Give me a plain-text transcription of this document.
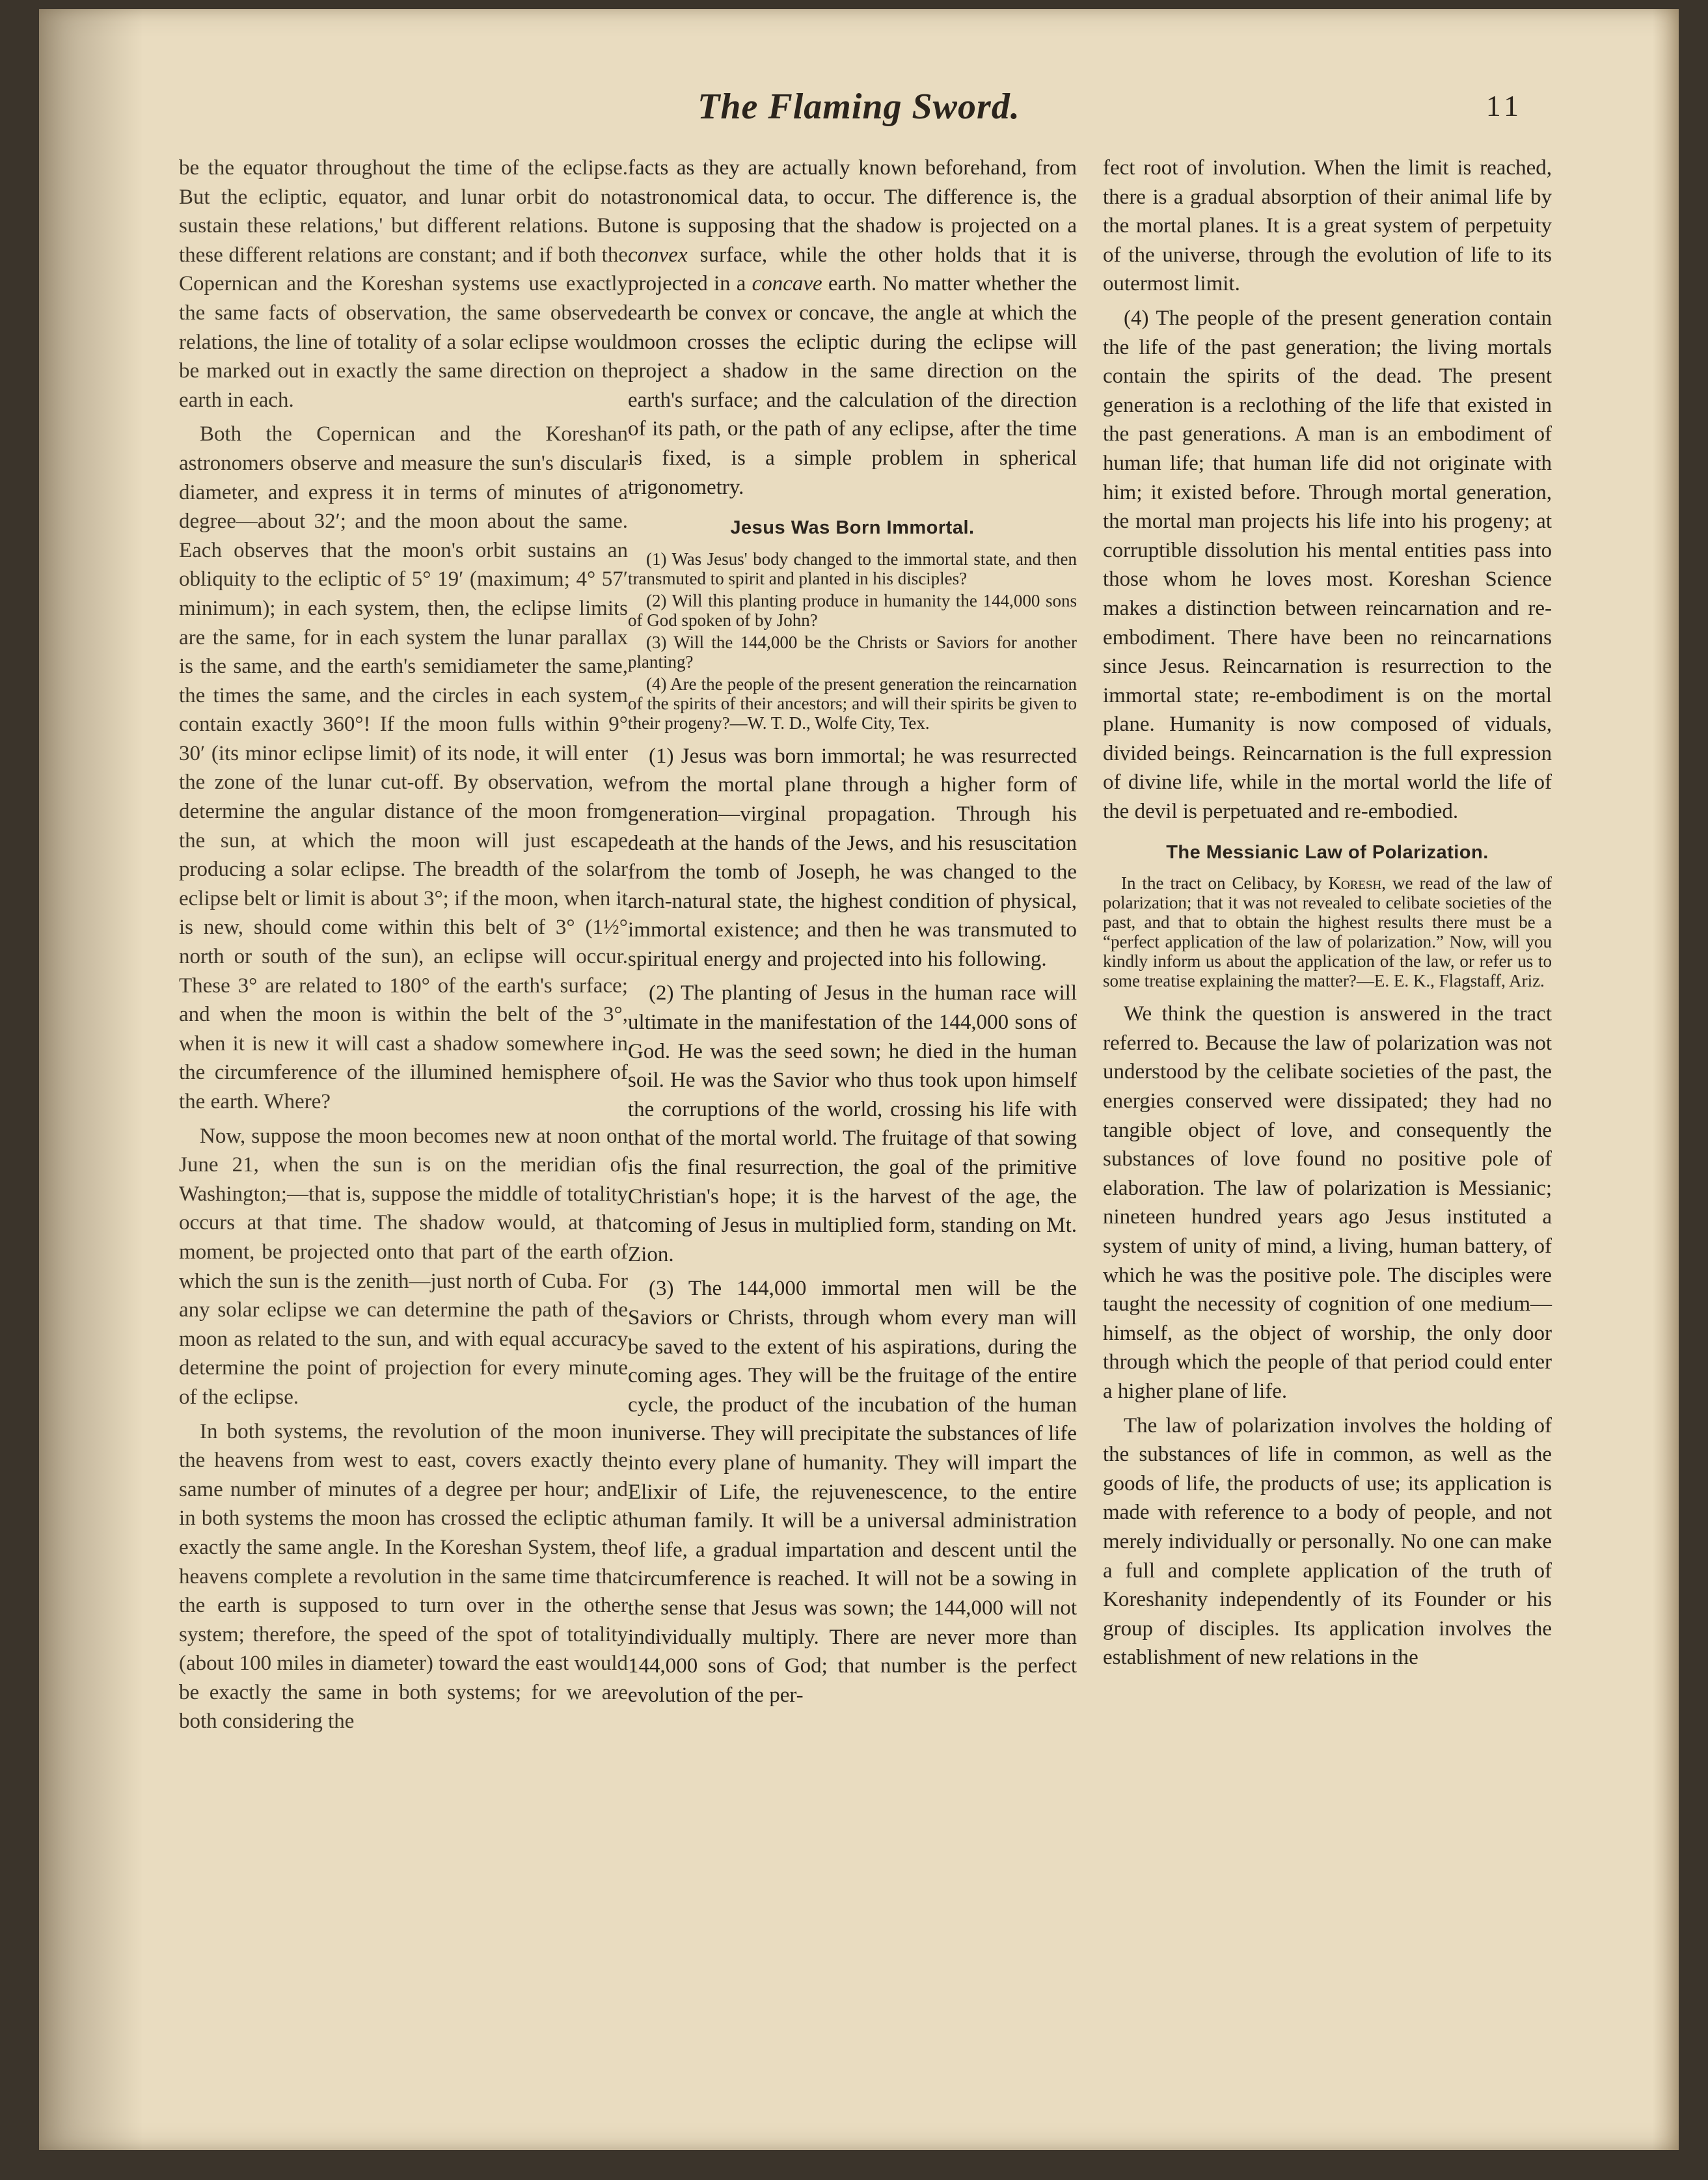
The Flaming Sword.	11

be the equator throughout the time of the eclipse. But the ecliptic, equator, and lunar orbit do not sustain these relations,' but different relations. But these different relations are constant; and if both the Copernican and the Koreshan systems use exactly the same facts of observation, the same observed relations, the line of totality of a solar eclipse would be marked out in exactly the same direction on the earth in each.

Both the Copernican and the Koreshan astronomers observe and measure the sun's discular diameter, and express it in terms of minutes of a degree—about 32′; and the moon about the same. Each observes that the moon's orbit sustains an obliquity to the ecliptic of 5° 19′ (maximum; 4° 57′ minimum); in each system, then, the eclipse limits are the same, for in each system the lunar parallax is the same, and the earth's semidiameter the same, the times the same, and the circles in each system contain exactly 360°! If the moon fulls within 9° 30′ (its minor eclipse limit) of its node, it will enter the zone of the lunar cut-off. By observation, we determine the angular distance of the moon from the sun, at which the moon will just escape producing a solar eclipse. The breadth of the solar eclipse belt or limit is about 3°; if the moon, when it is new, should come within this belt of 3° (1½° north or south of the sun), an eclipse will occur. These 3° are related to 180° of the earth's surface; and when the moon is within the belt of the 3°, when it is new it will cast a shadow somewhere in the circumference of the illumined hemisphere of the earth. Where?

Now, suppose the moon becomes new at noon on June 21, when the sun is on the meridian of Washington;—that is, suppose the middle of totality occurs at that time. The shadow would, at that moment, be projected onto that part of the earth of which the sun is the zenith—just north of Cuba. For any solar eclipse we can determine the path of the moon as related to the sun, and with equal accuracy determine the point of projection for every minute of the eclipse.

In both systems, the revolution of the moon in the heavens from west to east, covers exactly the same number of minutes of a degree per hour; and in both systems the moon has crossed the ecliptic at exactly the same angle. In the Koreshan System, the heavens complete a revolution in the same time that the earth is supposed to turn over in the other system; therefore, the speed of the spot of totality (about 100 miles in diameter) toward the east would be exactly the same in both systems; for we are both considering the

facts as they are actually known beforehand, from astronomical data, to occur. The difference is, the one is supposing that the shadow is projected on a convex surface, while the other holds that it is projected in a concave earth. No matter whether the earth be convex or concave, the angle at which the moon crosses the ecliptic during the eclipse will project a shadow in the same direction on the earth's surface; and the calculation of the direction of its path, or the path of any eclipse, after the time is fixed, is a simple problem in spherical trigonometry.

Jesus Was Born Immortal.

(1) Was Jesus' body changed to the immortal state, and then transmuted to spirit and planted in his disciples?

(2) Will this planting produce in humanity the 144,000 sons of God spoken of by John?

(3) Will the 144,000 be the Christs or Saviors for another planting?

(4) Are the people of the present generation the reincarnation of the spirits of their ancestors; and will their spirits be given to their progeny?—W. T. D., Wolfe City, Tex.

(1) Jesus was born immortal; he was resurrected from the mortal plane through a higher form of generation—virginal propagation. Through his death at the hands of the Jews, and his resuscitation from the tomb of Joseph, he was changed to the arch-natural state, the highest condition of physical, immortal existence; and then he was transmuted to spiritual energy and projected into his following.

(2) The planting of Jesus in the human race will ultimate in the manifestation of the 144,000 sons of God. He was the seed sown; he died in the human soil. He was the Savior who thus took upon himself the corruptions of the world, crossing his life with that of the mortal world. The fruitage of that sowing is the final resurrection, the goal of the primitive Christian's hope; it is the harvest of the age, the coming of Jesus in multiplied form, standing on Mt. Zion.

(3) The 144,000 immortal men will be the Saviors or Christs, through whom every man will be saved to the extent of his aspirations, during the coming ages. They will be the fruitage of the entire cycle, the product of the incubation of the human universe. They will precipitate the substances of life into every plane of humanity. They will impart the Elixir of Life, the rejuvenescence, to the entire human family. It will be a universal administration of life, a gradual impartation and descent until the circumference is reached. It will not be a sowing in the sense that Jesus was sown; the 144,000 will not individually multiply. There are never more than 144,000 sons of God; that number is the perfect evolution of the per-

fect root of involution. When the limit is reached, there is a gradual absorption of their animal life by the mortal planes. It is a great system of perpetuity of the universe, through the evolution of life to its outermost limit.

(4) The people of the present generation contain the life of the past generation; the living mortals contain the spirits of the dead. The present generation is a reclothing of the life that existed in the past generations. A man is an embodiment of human life; that human life did not originate with him; it existed before. Through mortal generation, the mortal man projects his life into his progeny; at corruptible dissolution his mental entities pass into those whom he loves most. Koreshan Science makes a distinction between reincarnation and re-embodiment. There have been no reincarnations since Jesus. Reincarnation is resurrection to the immortal state; re-embodiment is on the mortal plane. Humanity is now composed of viduals, divided beings. Reincarnation is the full expression of divine life, while in the mortal world the life of the devil is perpetuated and re-embodied.

The Messianic Law of Polarization.

In the tract on Celibacy, by Koresh, we read of the law of polarization; that it was not revealed to celibate societies of the past, and that to obtain the highest results there must be a “perfect application of the law of polarization.” Now, will you kindly inform us about the application of the law, or refer us to some treatise explaining the matter?—E. E. K., Flagstaff, Ariz.

We think the question is answered in the tract referred to. Because the law of polarization was not understood by the celibate societies of the past, the energies conserved were dissipated; they had no tangible object of love, and consequently the substances of love found no positive pole of elaboration. The law of polarization is Messianic; nineteen hundred years ago Jesus instituted a system of unity of mind, a living, human battery, of which he was the positive pole. The disciples were taught the necessity of cognition of one medium—himself, as the object of worship, the only door through which the people of that period could enter a higher plane of life.

The law of polarization involves the holding of the substances of life in common, as well as the goods of life, the products of use; its application is made with reference to a body of people, and not merely individually or personally. No one can make a full and complete application of the truth of Koreshanity independently of its Founder or his group of disciples. Its application involves the establishment of new relations in the
